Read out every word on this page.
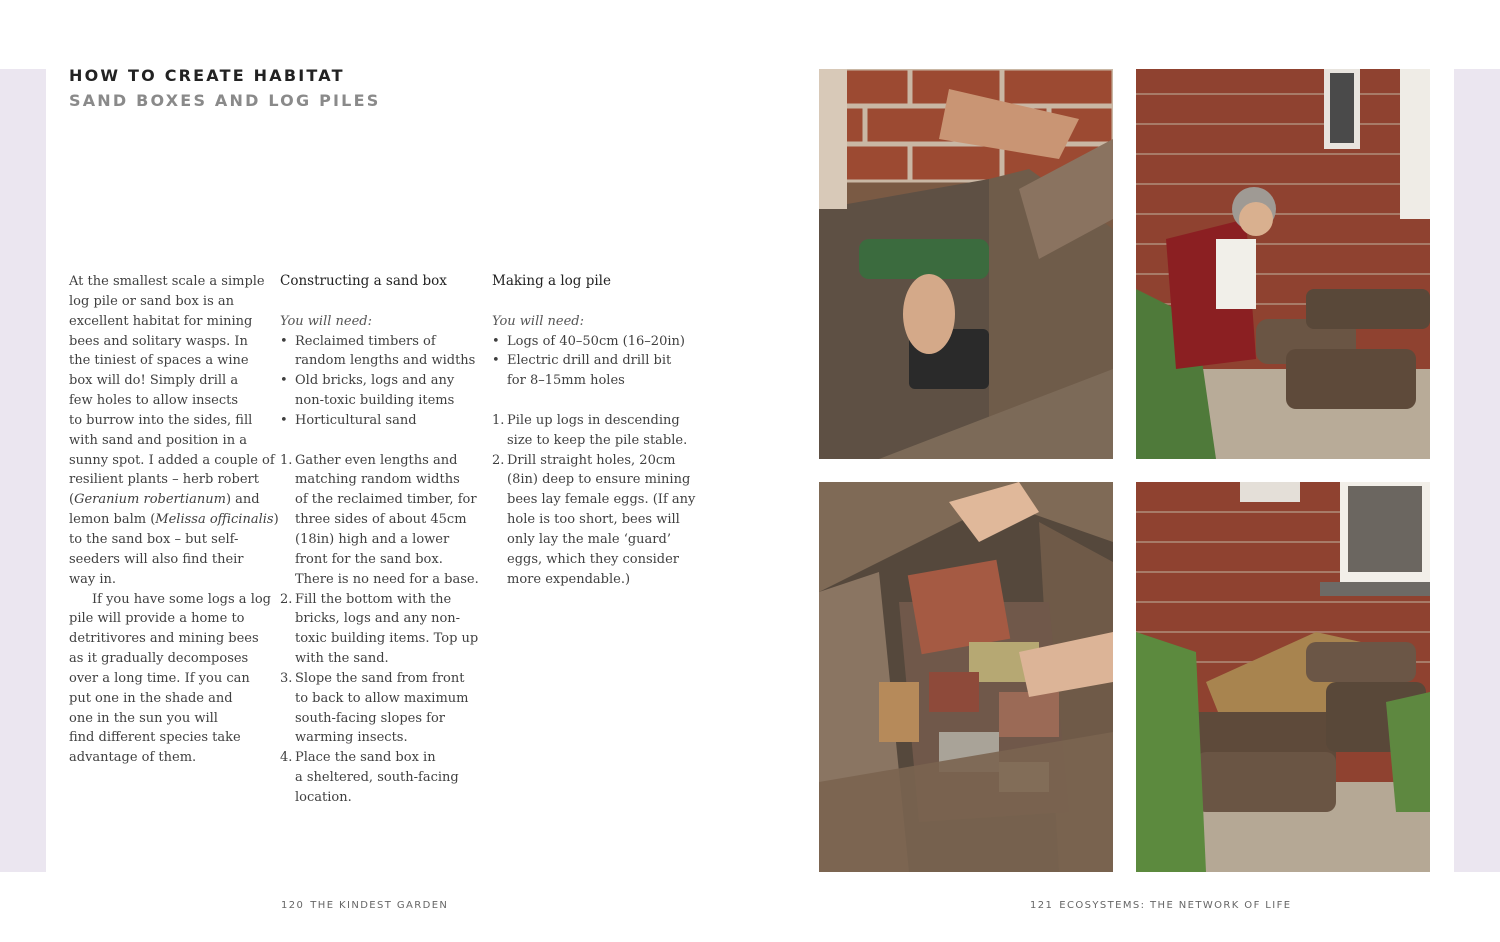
HOW TO CREATE HABITAT
SAND BOXES AND LOG PILES

At the smallest scale a simple
log pile or sand box is an
excellent habitat for mining
bees and solitary wasps. In
the tiniest of spaces a wine
box will do! Simply drill a
few holes to allow insects
to burrow into the sides, fill
with sand and position in a
sunny spot. I added a couple of
resilient plants – herb robert
(Geranium robertianum) and
lemon balm (Melissa officinalis)
to the sand box – but self-
seeders will also find their
way in.

If you have some logs a log
pile will provide a home to
detritivores and mining bees
as it gradually decomposes
over a long time. If you can
put one in the shade and
one in the sun you will
find different species take
advantage of them.

Constructing a sand box

You will need:

• Reclaimed timbers of
random lengths and widths
• Old bricks, logs and any
non-toxic building items
• Horticultural sand
1. Gather even lengths and
matching random widths
of the reclaimed timber, for
three sides of about 45cm
(18in) high and a lower
front for the sand box.
There is no need for a base.
2. Fill the bottom with the
bricks, logs and any non-
toxic building items. Top up
with the sand.
3. Slope the sand from front
to back to allow maximum
south-facing slopes for
warming insects.
4. Place the sand box in
a sheltered, south-facing
location.
Making a log pile

You will need:

• Logs of 40–50cm (16–20in)
• Electric drill and drill bit
for 8–15mm holes
1. Pile up logs in descending
size to keep the pile stable.
2. Drill straight holes, 20cm
(8in) deep to ensure mining
bees lay female eggs. (If any
hole is too short, bees will
only lay the male ‘guard’
eggs, which they consider
more expendable.)
120 THE KINDEST GARDEN	121 ECOSYSTEMS: THE NETWORK OF LIFE
